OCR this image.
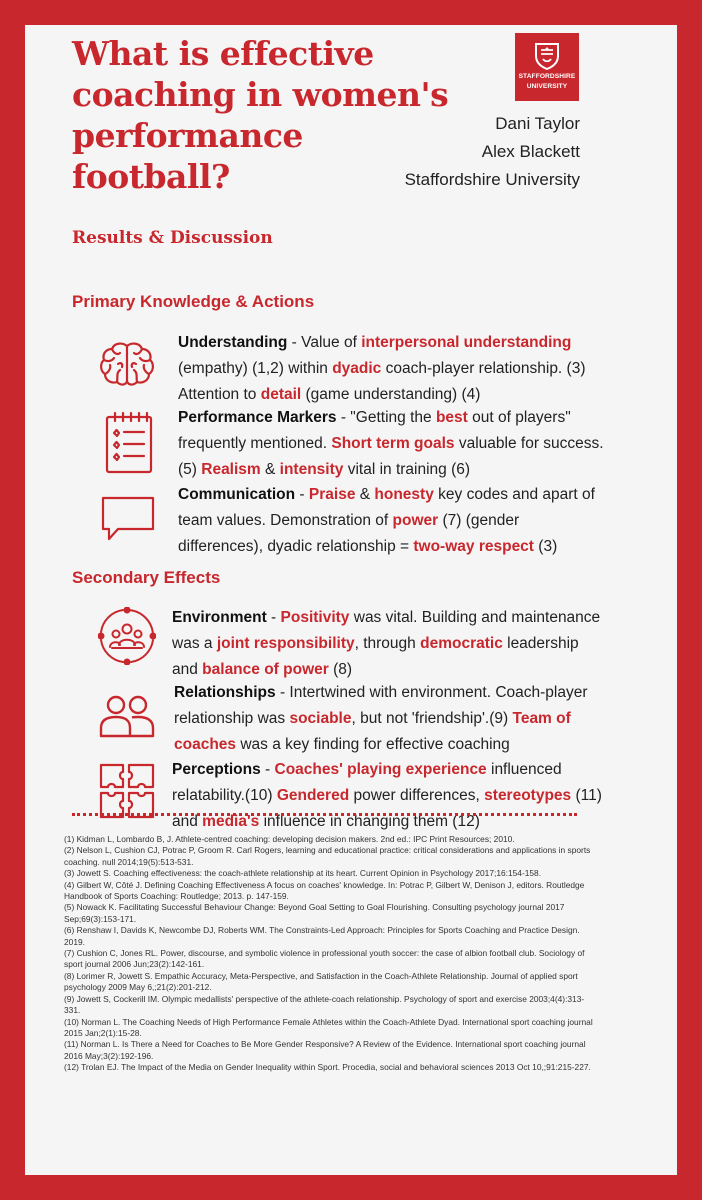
What is effective coaching in women's performance football?
STAFFORDSHIRE
UNIVERSITY
Dani Taylor
Alex Blackett
Staffordshire University
Results & Discussion
Primary Knowledge & Actions
Understanding - Value of interpersonal understanding (empathy) (1,2) within dyadic coach-player relationship. (3) Attention to detail (game understanding) (4)
Performance Markers - "Getting the best out of players" frequently mentioned. Short term goals valuable for success.(5) Realism & intensity vital in training (6)
Communication - Praise & honesty key codes and apart of team values. Demonstration of power (7) (gender differences), dyadic relationship = two-way respect (3)
Secondary Effects
Environment - Positivity was vital. Building and maintenance was a joint responsibility, through democratic leadership and balance of power (8)
Relationships - Intertwined with environment. Coach-player relationship was sociable, but not 'friendship'.(9) Team of coaches was a key finding for effective coaching
Perceptions - Coaches' playing experience influenced relatability.(10) Gendered power differences, stereotypes (11) and media's influence in changing them (12)
(1) Kidman L, Lombardo B, J. Athlete-centred coaching: developing decision makers. 2nd ed.: IPC Print Resources; 2010.
(2) Nelson L, Cushion CJ, Potrac P, Groom R. Carl Rogers, learning and educational practice: critical considerations and applications in sports coaching. null 2014;19(5):513-531.
(3) Jowett S. Coaching effectiveness: the coach-athlete relationship at its heart. Current Opinion in Psychology 2017;16:154-158.
(4) Gilbert W, Côté J. Defining Coaching Effectiveness A focus on coaches' knowledge. In: Potrac P, Gilbert W, Denison J, editors. Routledge Handbook of Sports Coaching: Routledge; 2013. p. 147-159.
(5) Nowack K. Facilitating Successful Behaviour Change: Beyond Goal Setting to Goal Flourishing. Consulting psychology journal 2017 Sep;69(3):153-171.
(6) Renshaw I, Davids K, Newcombe DJ, Roberts WM. The Constraints-Led Approach: Principles for Sports Coaching and Practice Design. 2019.
(7) Cushion C, Jones RL. Power, discourse, and symbolic violence in professional youth soccer: the case of albion football club. Sociology of sport journal 2006 Jun;23(2):142-161.
(8) Lorimer R, Jowett S. Empathic Accuracy, Meta-Perspective, and Satisfaction in the Coach-Athlete Relationship. Journal of applied sport psychology 2009 May 6,;21(2):201-212.
(9) Jowett S, Cockerill IM. Olympic medallists' perspective of the athlete-coach relationship. Psychology of sport and exercise 2003;4(4):313-331.
(10) Norman L. The Coaching Needs of High Performance Female Athletes within the Coach-Athlete Dyad. International sport coaching journal 2015 Jan;2(1):15-28.
(11) Norman L. Is There a Need for Coaches to Be More Gender Responsive? A Review of the Evidence. International sport coaching journal 2016 May;3(2):192-196.
(12) Trolan EJ. The Impact of the Media on Gender Inequality within Sport. Procedia, social and behavioral sciences 2013 Oct 10,;91:215-227.
